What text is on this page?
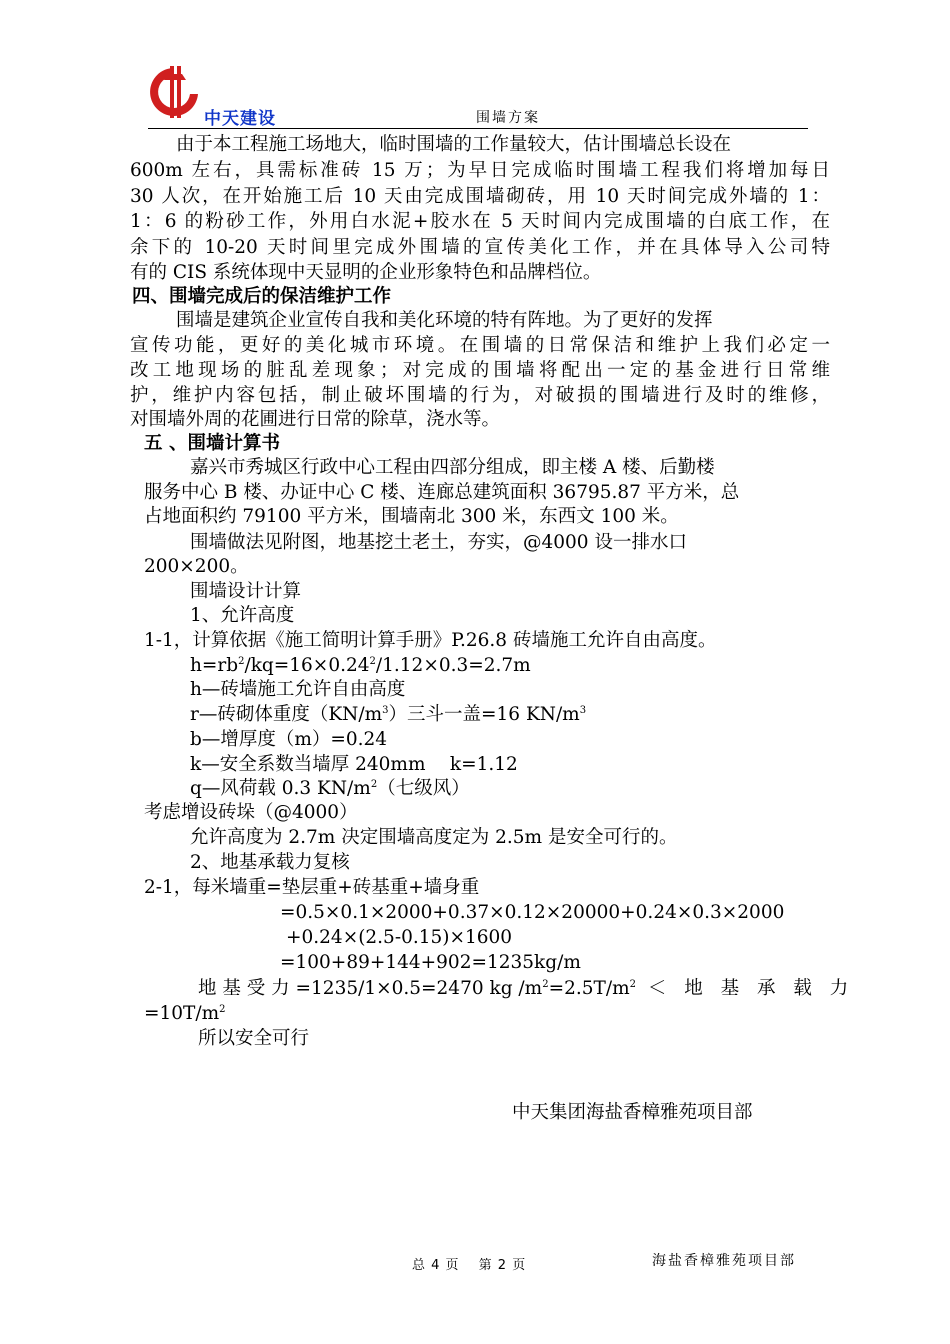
中天建设	围墙方案
由于本工程施工场地大，临时围墙的工作量较大，估计围墙总长设在
600m 左右，具需标准砖 15 万；为早日完成临时围墙工程我们将增加每日
30 人次，在开始施工后 10 天由完成围墙砌砖，用 10 天时间完成外墙的 1：
1：6 的粉砂工作，外用白水泥+胶水在 5 天时间内完成围墙的白底工作，在
余下的 10-20 天时间里完成外围墙的宣传美化工作，并在具体导入公司特
有的 CIS 系统体现中天显明的企业形象特色和品牌档位。
四、围墙完成后的保洁维护工作
围墙是建筑企业宣传自我和美化环境的特有阵地。为了更好的发挥
宣传功能，更好的美化城市环境。在围墙的日常保洁和维护上我们必定一
改工地现场的脏乱差现象；对完成的围墙将配出一定的基金进行日常维
护，维护内容包括，制止破坏围墙的行为，对破损的围墙进行及时的维修，
对围墙外周的花圃进行日常的除草，浇水等。
五 、围墙计算书
嘉兴市秀城区行政中心工程由四部分组成，即主楼 A 楼、后勤楼
服务中心 B 楼、办证中心 C 楼、连廊总建筑面积 36795.87 平方米，总
占地面积约 79100 平方米，围墙南北 300 米，东西文 100 米。
围墙做法见附图，地基挖土老土，夯实，@4000 设一排水口
200×200。
围墙设计计算
1、允许高度
1-1，计算依据《施工简明计算手册》P.26.8 砖墙施工允许自由高度。
$h=rb^2/kq=16\times 0.24^2/1.12\times 0.3=2.7m$
h—砖墙施工允许自由高度
r—砖砌体重度$(KN/m^3)$三斗一盖=16 $KN/m^3$
b—增厚度（m）=0.24
k—安全系数当墙厚 240mm　 k=1.12
q—风荷载 0.3 $KN/m^2$（七级风）
考虑增设砖垛（@4000）
允许高度为 2.7m 决定围墙高度定为 2.5m 是安全可行的。
2、地基承载力复核
2-1，每米墙重=垫层重+砖基重+墙身重
=0.5×0.1×2000+0.37×0.12×20000+0.24×0.3×2000
+0.24×(2.5-0.15)×1600
=100+89+144+902=1235kg/m
地 基 受 力 =1235/1×0.5=2470 kg $/m^2=2.5T/m^2$ ＜ 地 基 承 载 力
$=10T/m^2$
所以安全可行
中天集团海盐香樟雅苑项目部
总 4 页　 第 2 页	海盐香樟雅苑项目部
